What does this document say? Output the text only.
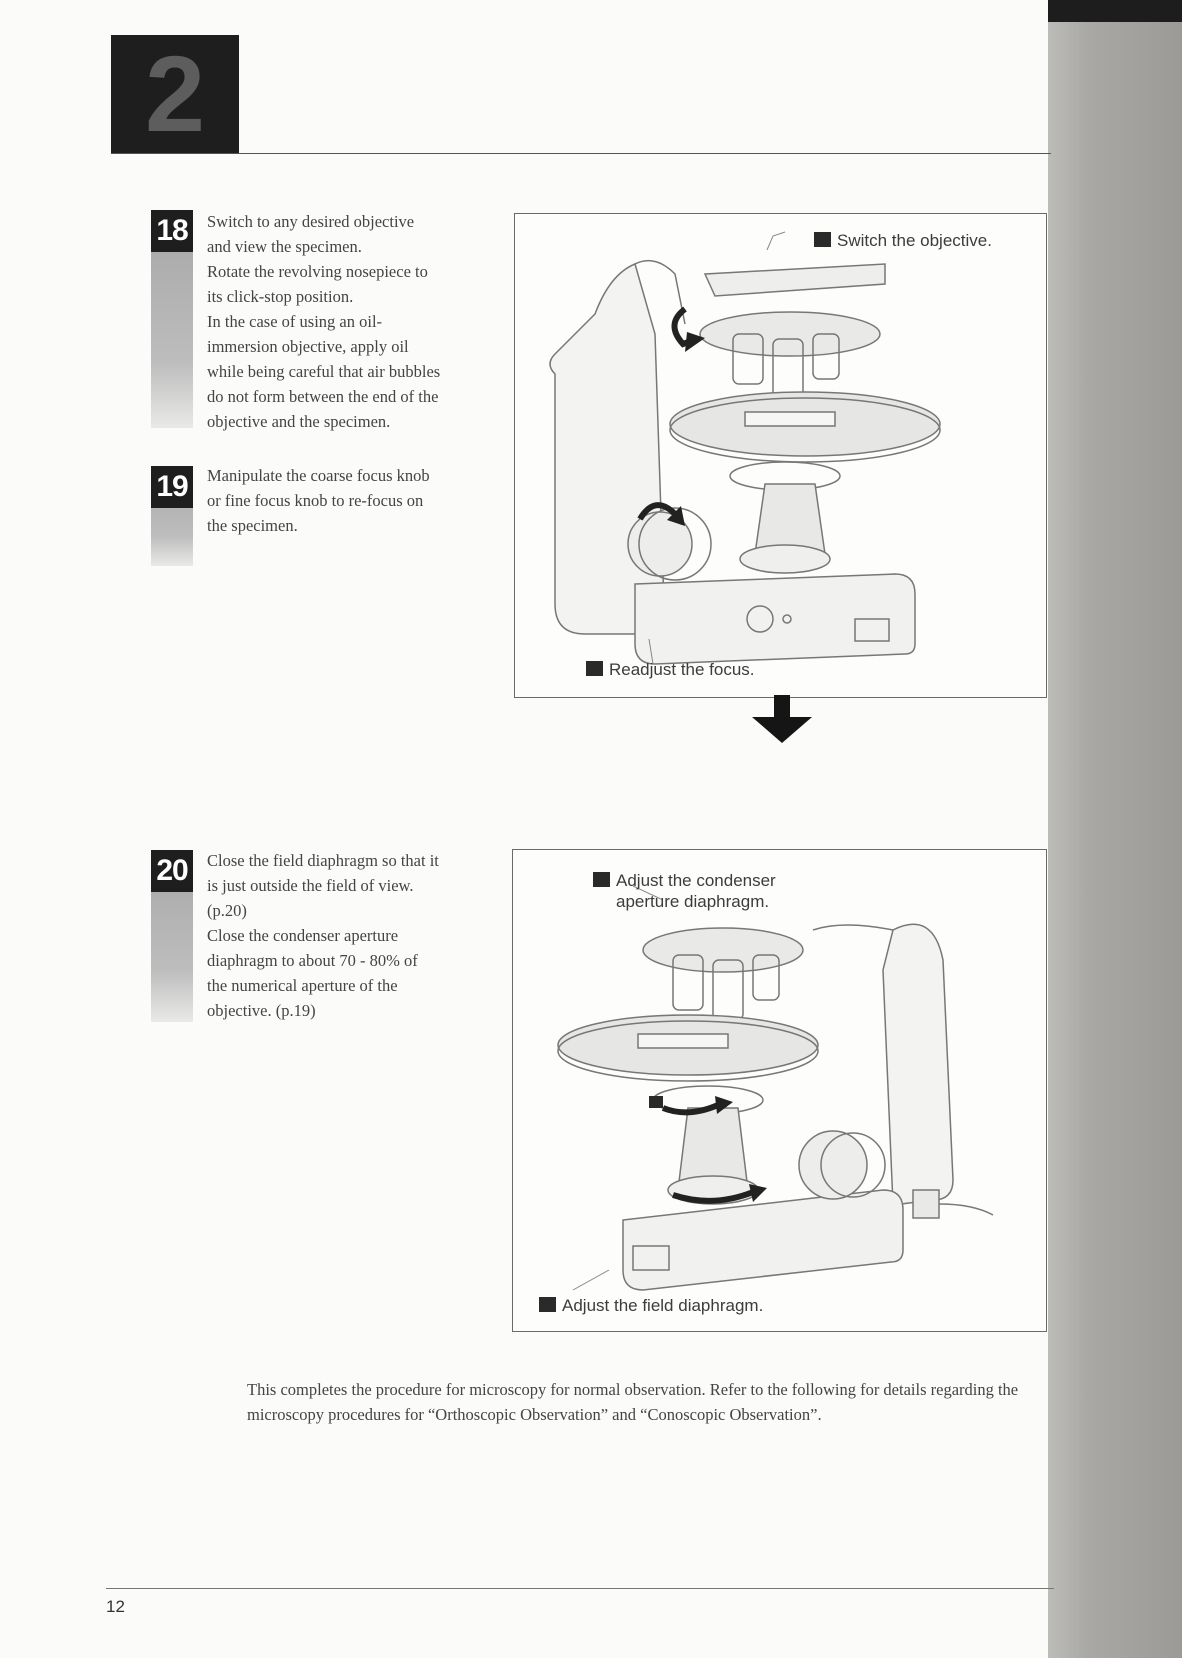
2
18	Switch to any desired objective

and view the specimen.

Rotate the revolving nosepiece to

its click-stop position.

In the case of using an oil-

immersion objective, apply oil

while being careful that air bubbles

do not form between the end of the

objective and the specimen.

19	Manipulate the coarse focus knob

or fine focus knob to re-focus on

the specimen.

Switch the objective.
Readjust the focus.
20	Close the field diaphragm so that it

is just outside the field of view.

(p.20)

Close the condenser aperture

diaphragm to about 70 - 80% of

the numerical aperture of the

objective. (p.19)

Adjust the condenser
aperture diaphragm.
Adjust the field diaphragm.
This completes the procedure for microscopy for normal observation. Refer to the following for details regarding the microscopy procedures for “Orthoscopic Observation” and “Conoscopic Observation”.
12
